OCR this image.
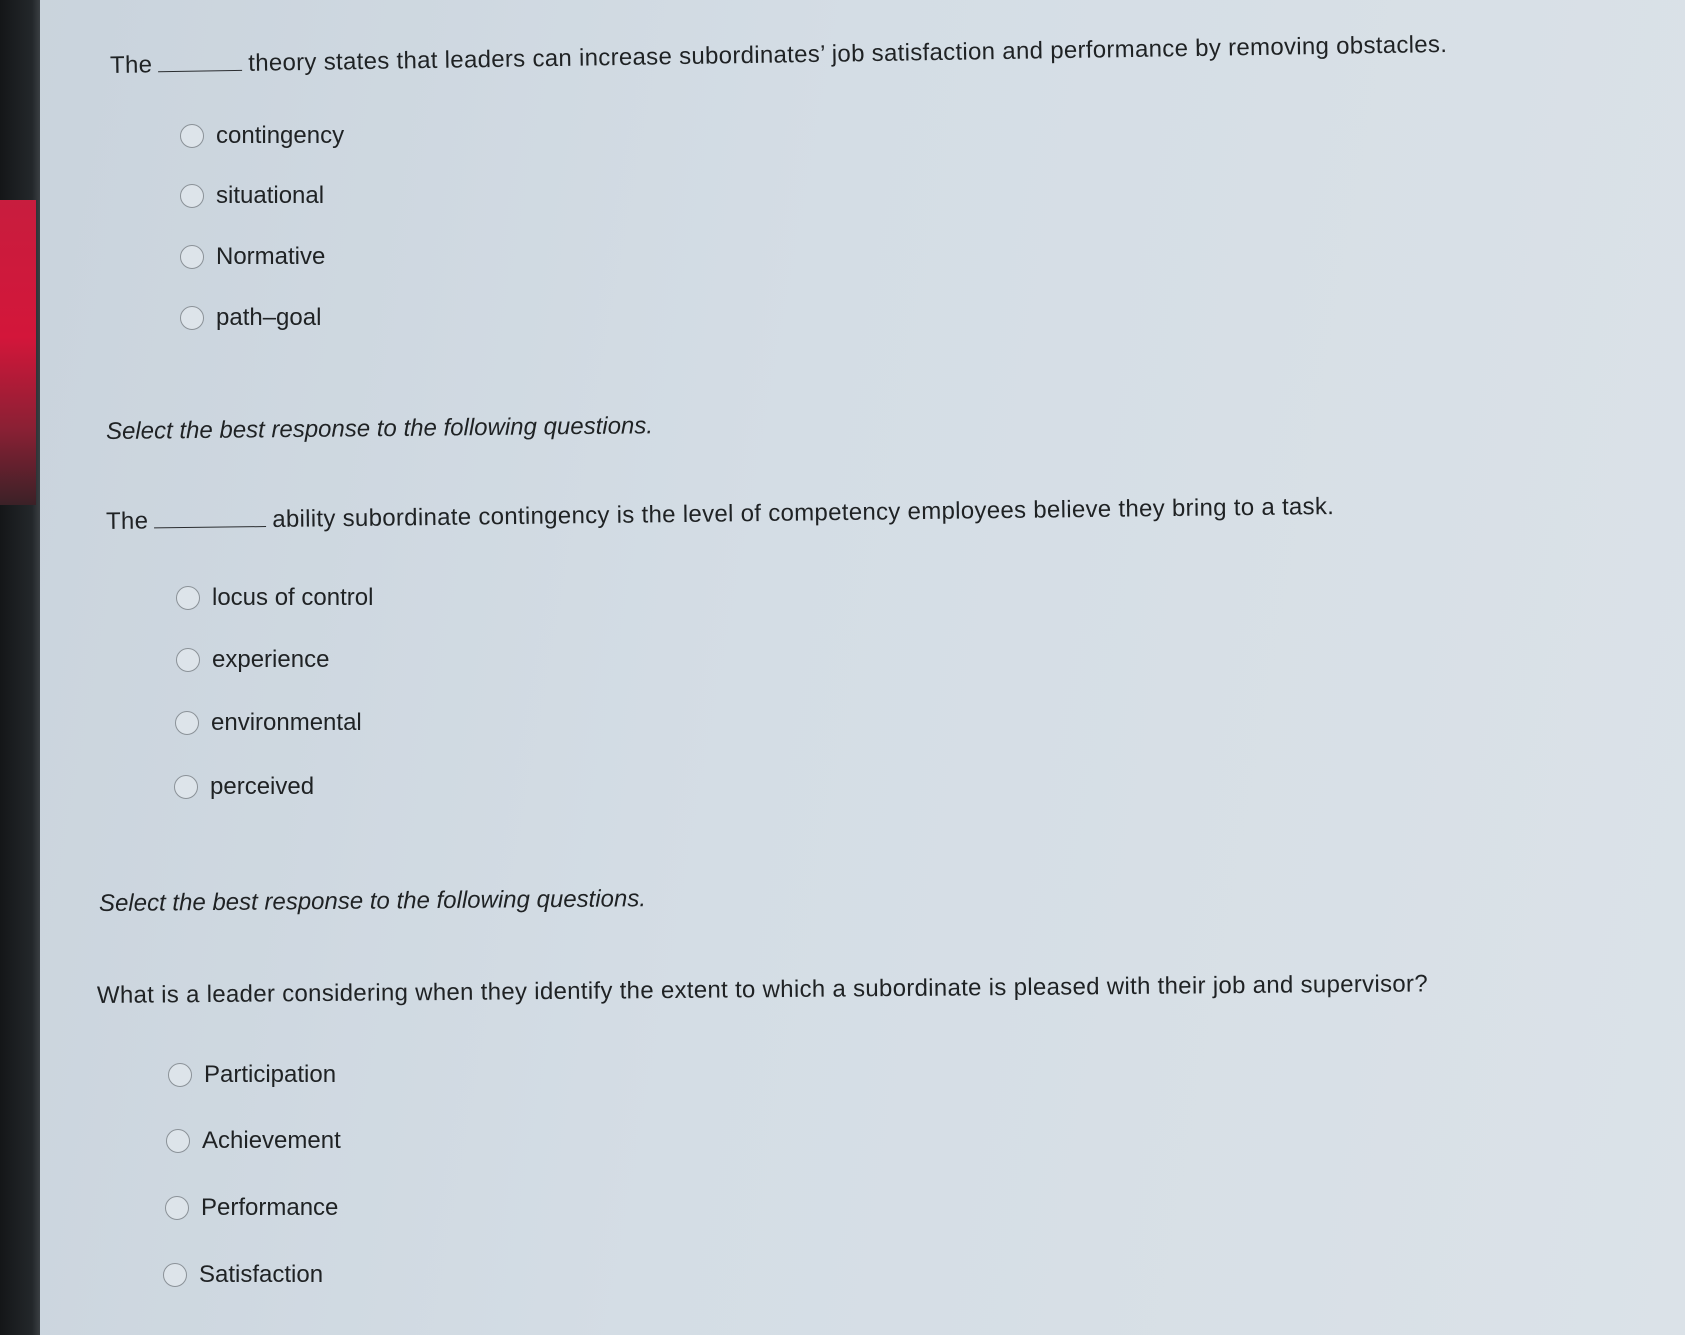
The	theory states that leaders can increase subordinates’ job satisfaction and performance by removing obstacles.
contingency
situational
Normative
path–goal
Select the best response to the following questions.
The	ability subordinate contingency is the level of competency employees believe they bring to a task.
locus of control
experience
environmental
perceived
Select the best response to the following questions.
What is a leader considering when they identify the extent to which a subordinate is pleased with their job and supervisor?
Participation
Achievement
Performance
Satisfaction
